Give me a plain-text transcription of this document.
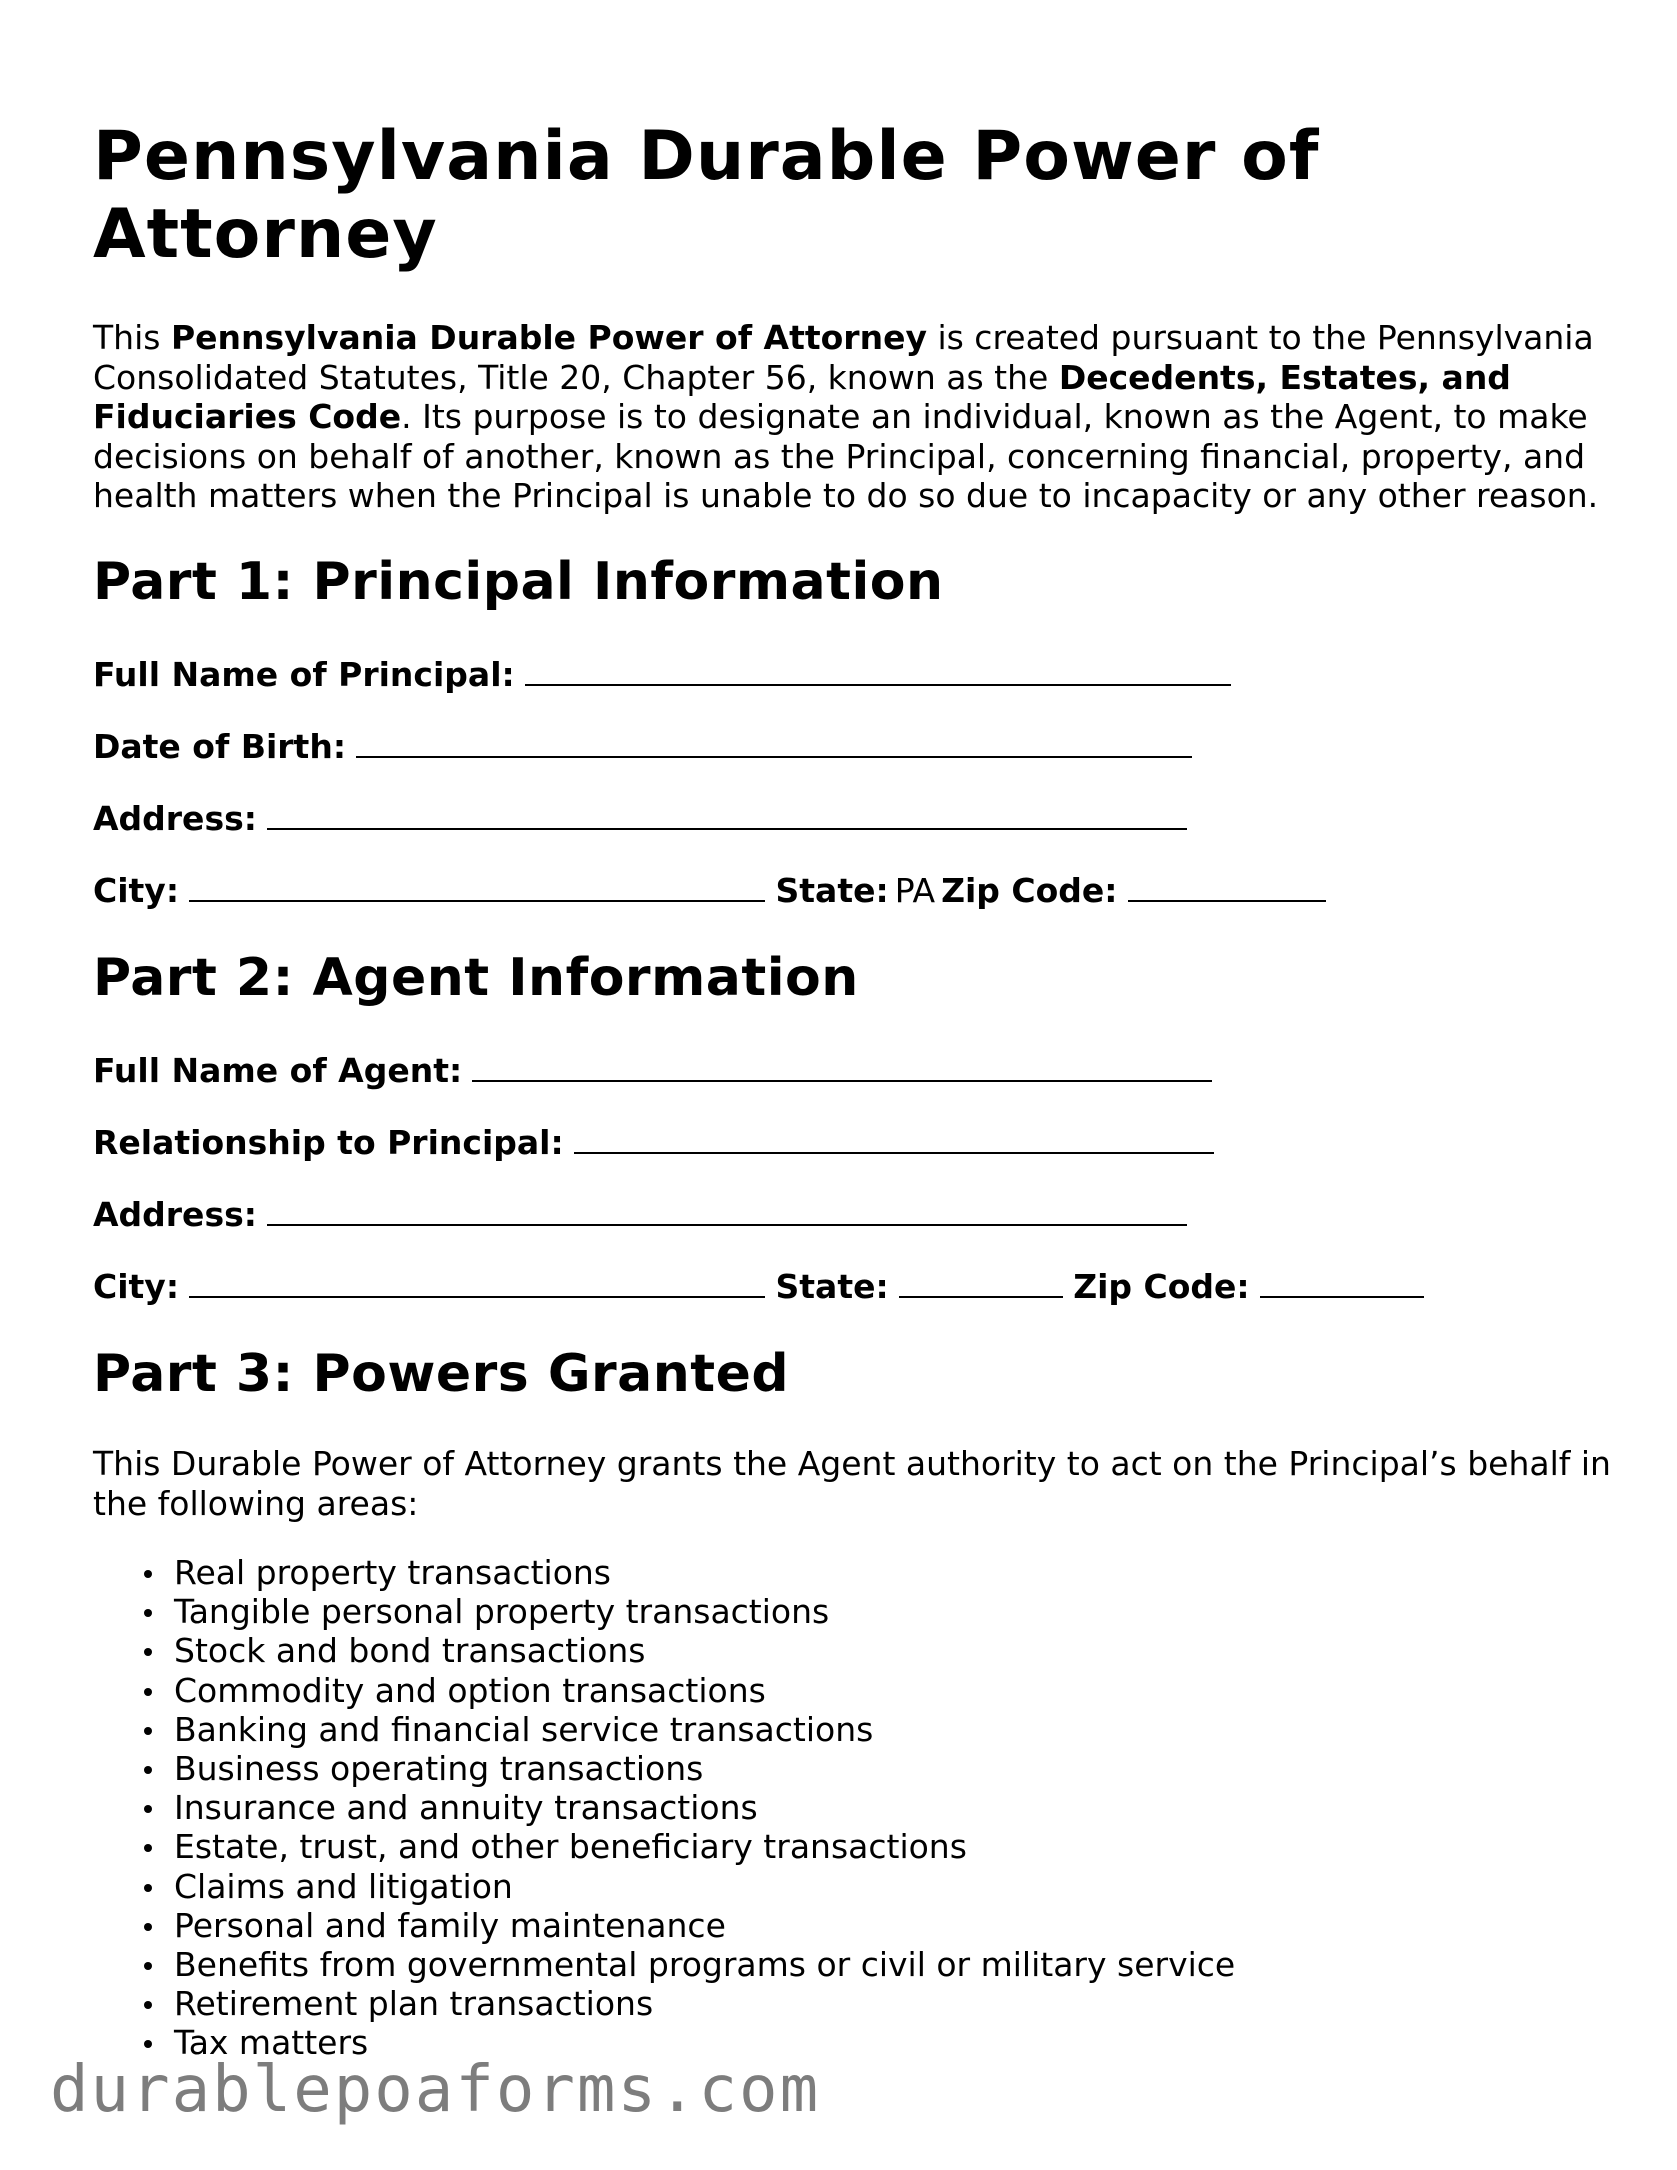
Pennsylvania Durable Power of Attorney

This Pennsylvania Durable Power of Attorney is created pursuant to the Pennsylvania Consolidated Statutes, Title 20, Chapter 56, known as the Decedents, Estates, and Fiduciaries Code. Its purpose is to designate an individual, known as the Agent, to make decisions on behalf of another, known as the Principal, concerning financial, property, and health matters when the Principal is unable to do so due to incapacity or any other reason.

Part 1: Principal Information
Full Name of Principal:
Date of Birth:
Address:
City:	State: PA Zip Code:
Part 2: Agent Information
Full Name of Agent:
Relationship to Principal:
Address:
City:	State:	Zip Code:
Part 3: Powers Granted

This Durable Power of Attorney grants the Agent authority to act on the Principal’s behalf in the following areas:

Real property transactions
Tangible personal property transactions
Stock and bond transactions
Commodity and option transactions
Banking and financial service transactions
Business operating transactions
Insurance and annuity transactions
Estate, trust, and other beneficiary transactions
Claims and litigation
Personal and family maintenance
Benefits from governmental programs or civil or military service
Retirement plan transactions
Tax matters
durablepoaforms.com
